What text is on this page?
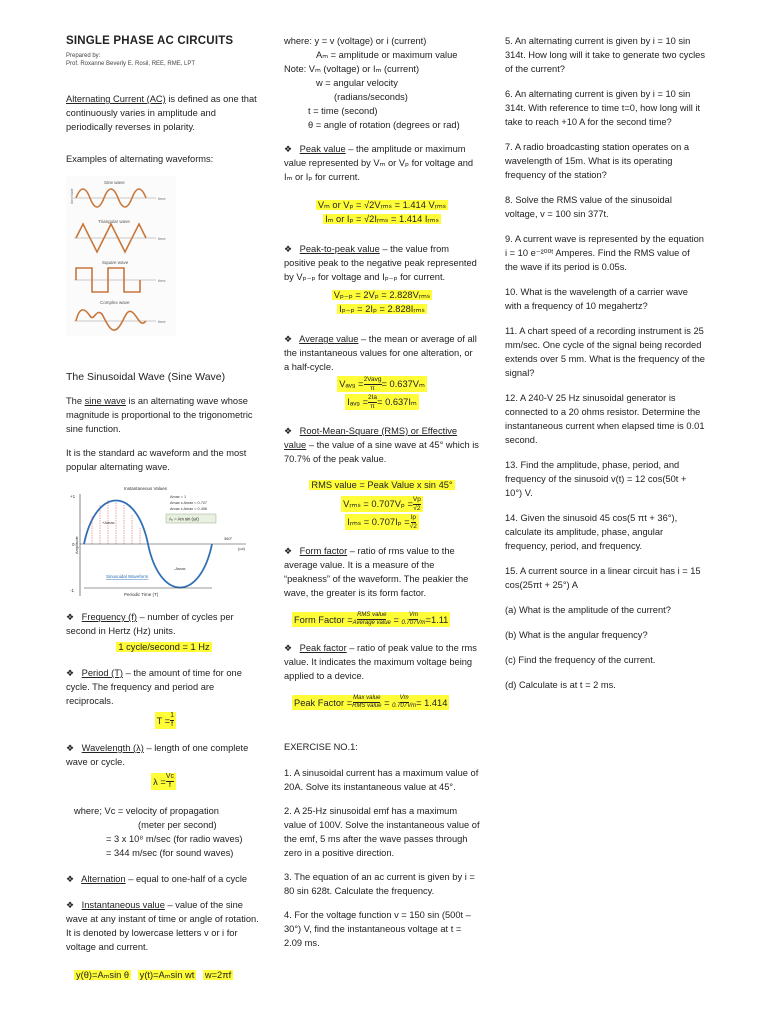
SINGLE PHASE AC CIRCUITS

Prepared by:
Prof. Roxanne Beverly E. Rosil, REE, RME, LPT

Alternating Current (AC) is defined as one that continuously varies in amplitude and periodically reverses in polarity.

Examples of alternating waveforms:

Sine wave
time
Amplitude
Triangular wave
time
Square wave
time
Complex wave
time

The Sinusoidal Wave (Sine Wave)

The sine wave is an alternating wave whose magnitude is proportional to the trigonometric sine function.

It is the standard ac waveform and the most popular alternating wave.

Instantaneous Values
+1
0
-1
Amplitude
Amax = 1
Amax x Amax = 0.707
Amax x Amax = 0.406
Aₜ = Am sin (ωt)
+Amax
-Amax
360°
(ωt)
Sinusoidal Waveform
Periodic Time (T)

❖ Frequency (f) – number of cycles per second in Hertz (Hz) units.

1 cycle/second = 1 Hz

❖ Period (T) – the amount of time for one cycle. The frequency and period are reciprocals.

$T = \frac{1}{f}$

❖ Wavelength (λ) – length of one complete wave or cycle.

$\lambda = \frac{Vc}{f}$
where; Vc = velocity of propagation
(meter per second)
= 3 x 10⁸ m/sec (for radio waves)
= 344 m/sec (for sound waves)

❖ Alternation – equal to one-half of a cycle

❖ Instantaneous value – value of the sine wave at any instant of time or angle of rotation. It is denoted by lowercase letters v or i for voltage and current.

y(θ)=Aₘsin θ y(t)=Aₘsin wt w=2πf
where: y = v (voltage) or i (current)
Aₘ = amplitude or maximum value
Note: Vₘ (voltage) or Iₘ (current)
w = angular velocity
(radians/seconds)
t = time (second)
θ = angle of rotation (degrees or rad)

❖ Peak value – the amplitude or maximum value represented by Vₘ or Vₚ for voltage and Iₘ or Iₚ for current.

Vₘ or Vₚ = √2Vᵣₘₛ = 1.414 Vᵣₘₛ
Iₘ or Iₚ = √2Iᵣₘₛ = 1.414 Iᵣₘₛ

❖ Peak-to-peak value – the value from positive peak to the negative peak represented by Vₚ₋ₚ for voltage and Iₚ₋ₚ for current.

Vₚ₋ₚ = 2Vₚ = 2.828Vᵣₘₛ
Iₚ₋ₚ = 2Iₚ = 2.828Iᵣₘₛ

❖ Average value – the mean or average of all the instantaneous values for one alteration, or a half-cycle.

Vₐᵥ₉ = 2Vavg
π = 0.637Vₘ
Iₐᵥ₉ = $\frac{2Ia}{\pi} = 0.637I_m$

❖ Root-Mean-Square (RMS) or Effective value – the value of a sine wave at 45° which is 70.7% of the peak value.

RMS value = Peak Value x sin 45°
Vᵣₘₛ = $0.707V_p = \frac{Vp}{√2}$
Iᵣₘₛ = $0.707I_p = \frac{Ip}{√2}$

❖ Form factor – ratio of rms value to the average value. It is a measure of the “peakness” of the waveform. The peakier the wave, the greater is its form factor.

Form Factor = RMS value
Average value = $\frac{Vm}{0.707Vm} =1.11$

❖ Peak factor – ratio of peak value to the rms value. It indicates the maximum voltage being applied to a device.

Peak Factor = Max value
RMS value = $\frac{Vm}{0.707Vm} = 1.414$

EXERCISE NO.1:

1. A sinusoidal current has a maximum value of 20A. Solve its instantaneous value at 45°.

2. A 25-Hz sinusoidal emf has a maximum value of 100V. Solve the instantaneous value of the emf, 5 ms after the wave passes through zero in a positive direction.

3. The equation of an ac current is given by i = 80 sin 628t. Calculate the frequency.

4. For the voltage function v = 150 sin (500t – 30°) V, find the instantaneous voltage at t = 2.09 ms.

5. An alternating current is given by i = 10 sin 314t. How long will it take to generate two cycles of the current?

6. An alternating current is given by i = 10 sin 314t. With reference to time t=0, how long will it take to reach +10 A for the second time?

7. A radio broadcasting station operates on a wavelength of 15m. What is its operating frequency of the station?

8. Solve the RMS value of the sinusoidal voltage, v = 100 sin 377t.

9. A current wave is represented by the equation i = 10 e⁻²⁰⁰ᵗ Amperes. Find the RMS value of the wave if its period is 0.05s.

10. What is the wavelength of a carrier wave with a frequency of 10 megahertz?

11. A chart speed of a recording instrument is 25 mm/sec. One cycle of the signal being recorded extends over 5 mm. What is the frequency of the signal?

12. A 240-V 25 Hz sinusoidal generator is connected to a 20 ohms resistor. Determine the instantaneous current when elapsed time is 0.01 second.

13. Find the amplitude, phase, period, and frequency of the sinusoid v(t) = 12 cos(50t + 10°) V.

14. Given the sinusoid 45 cos(5 πt + 36°), calculate its amplitude, phase, angular frequency, period, and frequency.

15. A current source in a linear circuit has i = 15 cos(25πt + 25°) A

(a) What is the amplitude of the current?

(b) What is the angular frequency?

(c) Find the frequency of the current.

(d) Calculate is at t = 2 ms.
